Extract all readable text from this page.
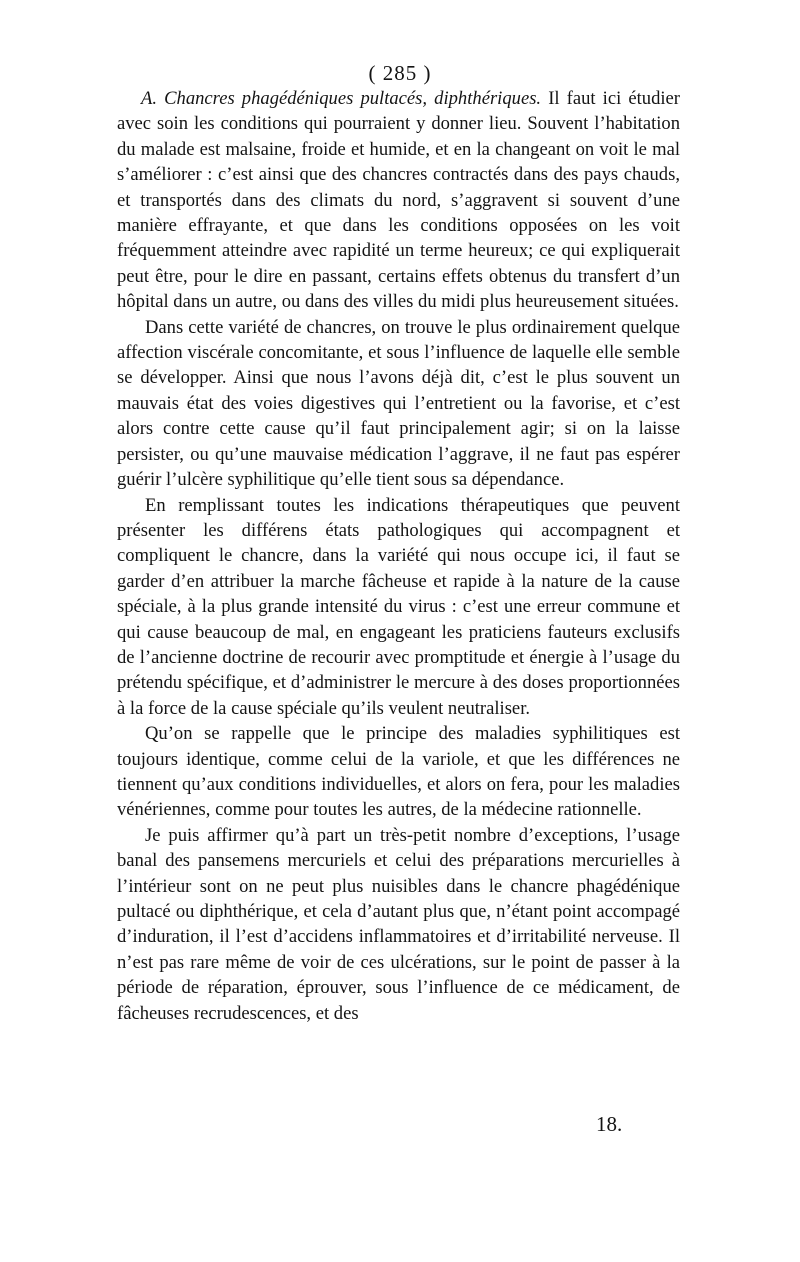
( 285 )

A. Chancres phagédéniques pultacés, diphthériques. Il faut ici étudier avec soin les conditions qui pourraient y donner lieu. Souvent l’habitation du malade est malsaine, froide et humide, et en la changeant on voit le mal s’améliorer : c’est ainsi que des chancres contractés dans des pays chauds, et transportés dans des climats du nord, s’aggravent si souvent d’une manière effrayante, et que dans les conditions opposées on les voit fréquemment atteindre avec rapidité un terme heureux; ce qui expliquerait peut être, pour le dire en passant, certains effets obtenus du transfert d’un hôpital dans un autre, ou dans des villes du midi plus heureusement situées.

Dans cette variété de chancres, on trouve le plus ordinairement quelque affection viscérale concomitante, et sous l’influence de laquelle elle semble se développer. Ainsi que nous l’avons déjà dit, c’est le plus souvent un mauvais état des voies digestives qui l’entretient ou la favorise, et c’est alors contre cette cause qu’il faut principalement agir; si on la laisse persister, ou qu’une mauvaise médication l’aggrave, il ne faut pas espérer guérir l’ulcère syphilitique qu’elle tient sous sa dépendance.

En remplissant toutes les indications thérapeutiques que peuvent présenter les différens états pathologiques qui accompagnent et compliquent le chancre, dans la variété qui nous occupe ici, il faut se garder d’en attribuer la marche fâcheuse et rapide à la nature de la cause spéciale, à la plus grande intensité du virus : c’est une erreur commune et qui cause beaucoup de mal, en engageant les praticiens fauteurs exclusifs de l’ancienne doctrine de recourir avec promptitude et énergie à l’usage du prétendu spécifique, et d’administrer le mercure à des doses proportionnées à la force de la cause spéciale qu’ils veulent neutraliser.

Qu’on se rappelle que le principe des maladies syphilitiques est toujours identique, comme celui de la variole, et que les différences ne tiennent qu’aux conditions individuelles, et alors on fera, pour les maladies vénériennes, comme pour toutes les autres, de la médecine rationnelle.

Je puis affirmer qu’à part un très-petit nombre d’exceptions, l’usage banal des pansemens mercuriels et celui des préparations mercurielles à l’intérieur sont on ne peut plus nuisibles dans le chancre phagédénique pultacé ou diphthérique, et cela d’autant plus que, n’étant point accompagé d’induration, il l’est d’accidens inflammatoires et d’irritabilité nerveuse. Il n’est pas rare même de voir de ces ulcérations, sur le point de passer à la période de réparation, éprouver, sous l’influence de ce médicament, de fâcheuses recrudescences, et des

18.
